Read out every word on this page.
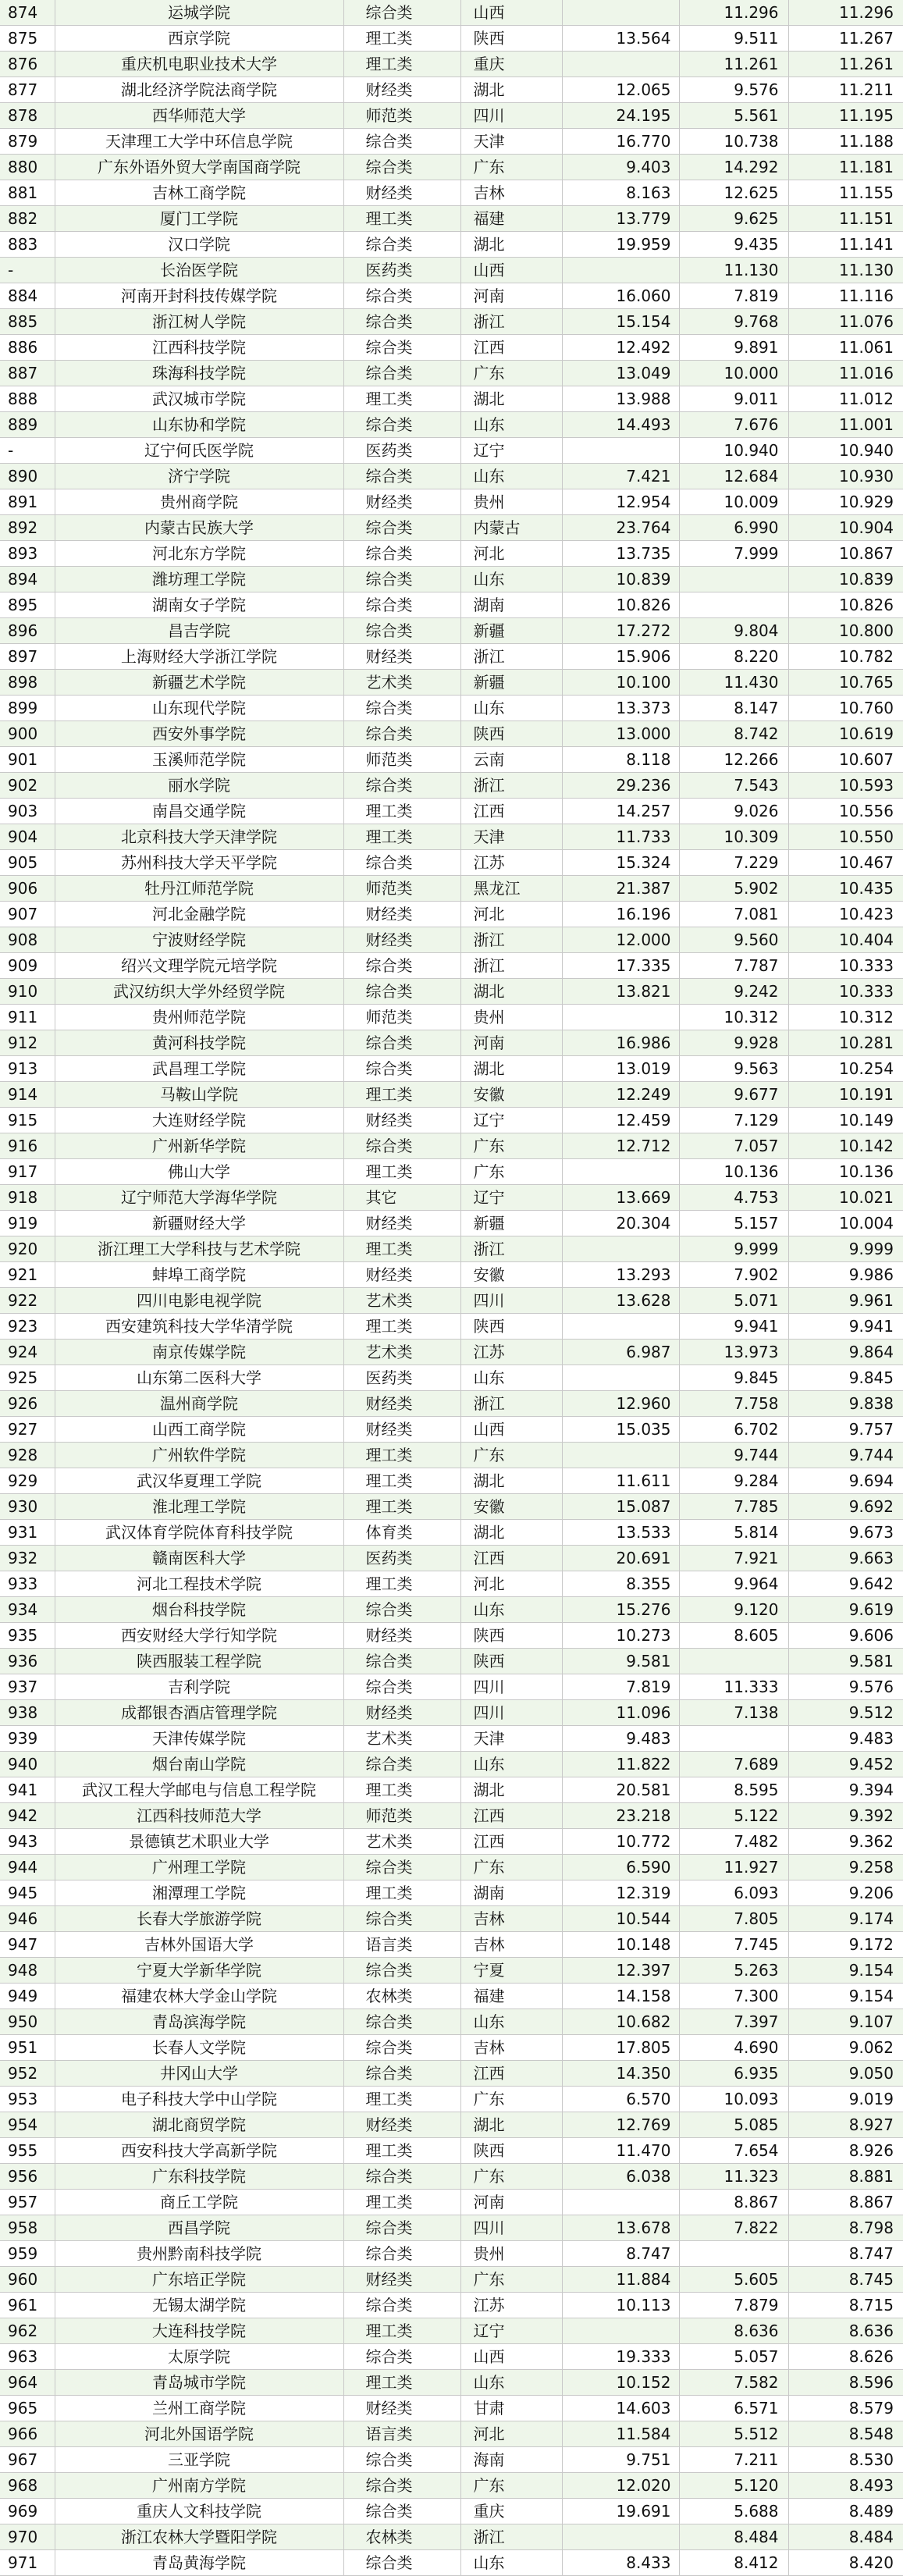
874	运城学院	综合类	山西		11.296	11.296
875	西京学院	理工类	陕西	13.564	9.511	11.267
876	重庆机电职业技术大学	理工类	重庆		11.261	11.261
877	湖北经济学院法商学院	财经类	湖北	12.065	9.576	11.211
878	西华师范大学	师范类	四川	24.195	5.561	11.195
879	天津理工大学中环信息学院	综合类	天津	16.770	10.738	11.188
880	广东外语外贸大学南国商学院	综合类	广东	9.403	14.292	11.181
881	吉林工商学院	财经类	吉林	8.163	12.625	11.155
882	厦门工学院	理工类	福建	13.779	9.625	11.151
883	汉口学院	综合类	湖北	19.959	9.435	11.141
-	长治医学院	医药类	山西		11.130	11.130
884	河南开封科技传媒学院	综合类	河南	16.060	7.819	11.116
885	浙江树人学院	综合类	浙江	15.154	9.768	11.076
886	江西科技学院	综合类	江西	12.492	9.891	11.061
887	珠海科技学院	综合类	广东	13.049	10.000	11.016
888	武汉城市学院	理工类	湖北	13.988	9.011	11.012
889	山东协和学院	综合类	山东	14.493	7.676	11.001
-	辽宁何氏医学院	医药类	辽宁		10.940	10.940
890	济宁学院	综合类	山东	7.421	12.684	10.930
891	贵州商学院	财经类	贵州	12.954	10.009	10.929
892	内蒙古民族大学	综合类	内蒙古	23.764	6.990	10.904
893	河北东方学院	综合类	河北	13.735	7.999	10.867
894	潍坊理工学院	综合类	山东	10.839		10.839
895	湖南女子学院	综合类	湖南	10.826		10.826
896	昌吉学院	综合类	新疆	17.272	9.804	10.800
897	上海财经大学浙江学院	财经类	浙江	15.906	8.220	10.782
898	新疆艺术学院	艺术类	新疆	10.100	11.430	10.765
899	山东现代学院	综合类	山东	13.373	8.147	10.760
900	西安外事学院	综合类	陕西	13.000	8.742	10.619
901	玉溪师范学院	师范类	云南	8.118	12.266	10.607
902	丽水学院	综合类	浙江	29.236	7.543	10.593
903	南昌交通学院	理工类	江西	14.257	9.026	10.556
904	北京科技大学天津学院	理工类	天津	11.733	10.309	10.550
905	苏州科技大学天平学院	综合类	江苏	15.324	7.229	10.467
906	牡丹江师范学院	师范类	黑龙江	21.387	5.902	10.435
907	河北金融学院	财经类	河北	16.196	7.081	10.423
908	宁波财经学院	财经类	浙江	12.000	9.560	10.404
909	绍兴文理学院元培学院	综合类	浙江	17.335	7.787	10.333
910	武汉纺织大学外经贸学院	综合类	湖北	13.821	9.242	10.333
911	贵州师范学院	师范类	贵州		10.312	10.312
912	黄河科技学院	综合类	河南	16.986	9.928	10.281
913	武昌理工学院	综合类	湖北	13.019	9.563	10.254
914	马鞍山学院	理工类	安徽	12.249	9.677	10.191
915	大连财经学院	财经类	辽宁	12.459	7.129	10.149
916	广州新华学院	综合类	广东	12.712	7.057	10.142
917	佛山大学	理工类	广东		10.136	10.136
918	辽宁师范大学海华学院	其它	辽宁	13.669	4.753	10.021
919	新疆财经大学	财经类	新疆	20.304	5.157	10.004
920	浙江理工大学科技与艺术学院	理工类	浙江		9.999	9.999
921	蚌埠工商学院	财经类	安徽	13.293	7.902	9.986
922	四川电影电视学院	艺术类	四川	13.628	5.071	9.961
923	西安建筑科技大学华清学院	理工类	陕西		9.941	9.941
924	南京传媒学院	艺术类	江苏	6.987	13.973	9.864
925	山东第二医科大学	医药类	山东		9.845	9.845
926	温州商学院	财经类	浙江	12.960	7.758	9.838
927	山西工商学院	财经类	山西	15.035	6.702	9.757
928	广州软件学院	理工类	广东		9.744	9.744
929	武汉华夏理工学院	理工类	湖北	11.611	9.284	9.694
930	淮北理工学院	理工类	安徽	15.087	7.785	9.692
931	武汉体育学院体育科技学院	体育类	湖北	13.533	5.814	9.673
932	赣南医科大学	医药类	江西	20.691	7.921	9.663
933	河北工程技术学院	理工类	河北	8.355	9.964	9.642
934	烟台科技学院	综合类	山东	15.276	9.120	9.619
935	西安财经大学行知学院	财经类	陕西	10.273	8.605	9.606
936	陕西服装工程学院	综合类	陕西	9.581		9.581
937	吉利学院	综合类	四川	7.819	11.333	9.576
938	成都银杏酒店管理学院	财经类	四川	11.096	7.138	9.512
939	天津传媒学院	艺术类	天津	9.483		9.483
940	烟台南山学院	综合类	山东	11.822	7.689	9.452
941	武汉工程大学邮电与信息工程学院	理工类	湖北	20.581	8.595	9.394
942	江西科技师范大学	师范类	江西	23.218	5.122	9.392
943	景德镇艺术职业大学	艺术类	江西	10.772	7.482	9.362
944	广州理工学院	综合类	广东	6.590	11.927	9.258
945	湘潭理工学院	理工类	湖南	12.319	6.093	9.206
946	长春大学旅游学院	综合类	吉林	10.544	7.805	9.174
947	吉林外国语大学	语言类	吉林	10.148	7.745	9.172
948	宁夏大学新华学院	综合类	宁夏	12.397	5.263	9.154
949	福建农林大学金山学院	农林类	福建	14.158	7.300	9.154
950	青岛滨海学院	综合类	山东	10.682	7.397	9.107
951	长春人文学院	综合类	吉林	17.805	4.690	9.062
952	井冈山大学	综合类	江西	14.350	6.935	9.050
953	电子科技大学中山学院	理工类	广东	6.570	10.093	9.019
954	湖北商贸学院	财经类	湖北	12.769	5.085	8.927
955	西安科技大学高新学院	理工类	陕西	11.470	7.654	8.926
956	广东科技学院	综合类	广东	6.038	11.323	8.881
957	商丘工学院	理工类	河南		8.867	8.867
958	西昌学院	综合类	四川	13.678	7.822	8.798
959	贵州黔南科技学院	综合类	贵州	8.747		8.747
960	广东培正学院	财经类	广东	11.884	5.605	8.745
961	无锡太湖学院	综合类	江苏	10.113	7.879	8.715
962	大连科技学院	理工类	辽宁		8.636	8.636
963	太原学院	综合类	山西	19.333	5.057	8.626
964	青岛城市学院	理工类	山东	10.152	7.582	8.596
965	兰州工商学院	财经类	甘肃	14.603	6.571	8.579
966	河北外国语学院	语言类	河北	11.584	5.512	8.548
967	三亚学院	综合类	海南	9.751	7.211	8.530
968	广州南方学院	综合类	广东	12.020	5.120	8.493
969	重庆人文科技学院	综合类	重庆	19.691	5.688	8.489
970	浙江农林大学暨阳学院	农林类	浙江		8.484	8.484
971	青岛黄海学院	综合类	山东	8.433	8.412	8.420
